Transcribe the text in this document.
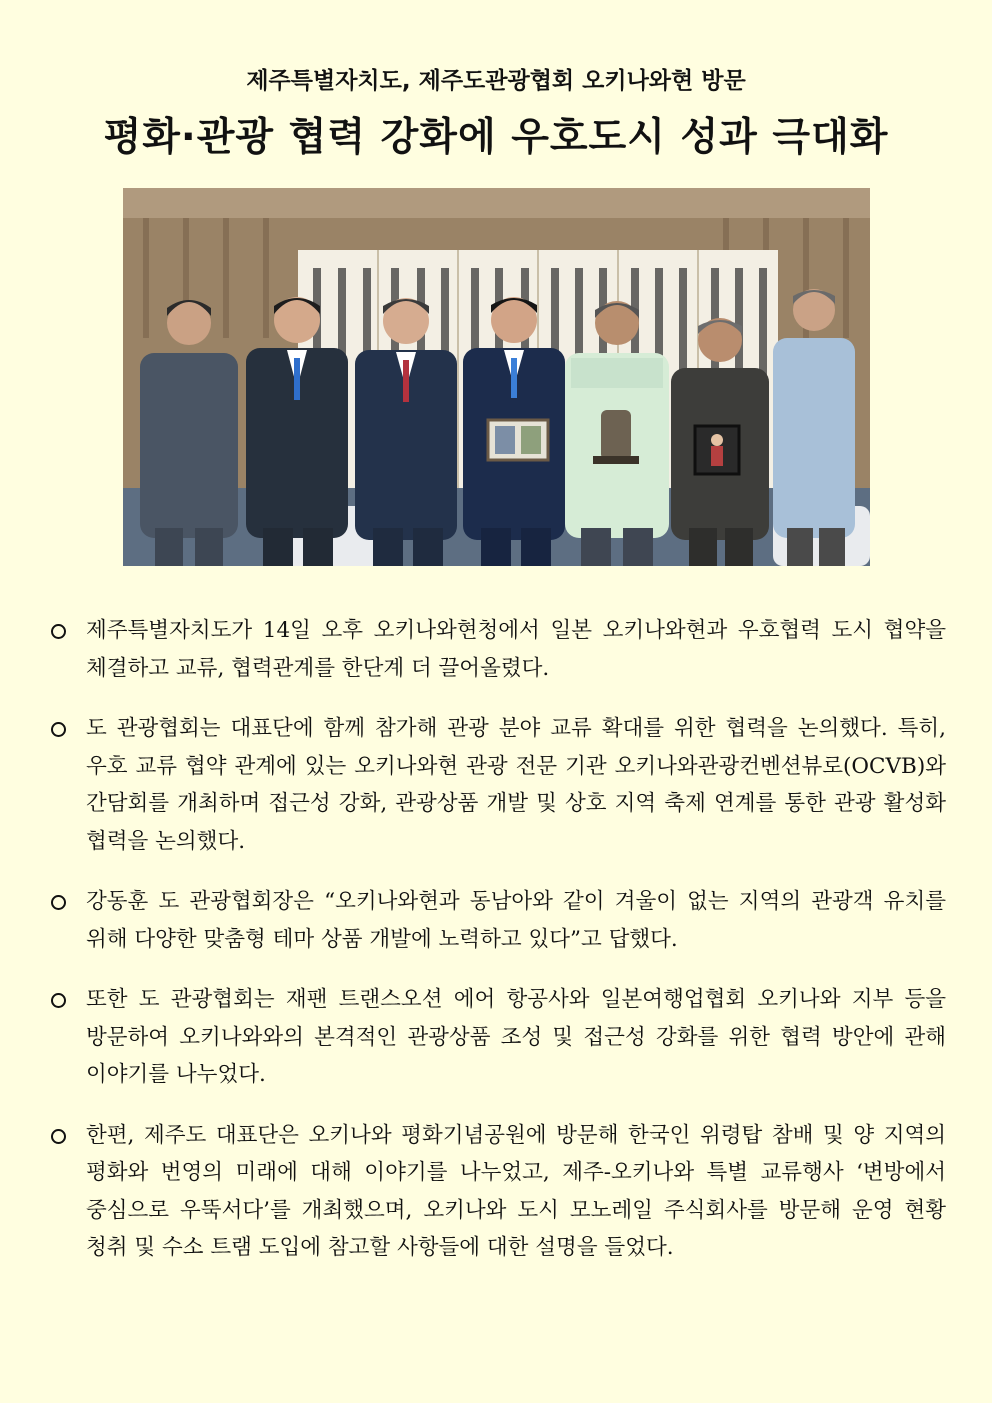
제주특별자치도, 제주도관광협회 오키나와현 방문
평화·관광 협력 강화에 우호도시 성과 극대화
제주특별자치도가 14일 오후 오키나와현청에서 일본 오키나와현과 우호협력 도시 협약을 체결하고 교류, 협력관계를 한단계 더 끌어올렸다.
도 관광협회는 대표단에 함께 참가해 관광 분야 교류 확대를 위한 협력을 논의했다. 특히, 우호 교류 협약 관계에 있는 오키나와현 관광 전문 기관 오키나와관광컨벤션뷰로(OCVB)와 간담회를 개최하며 접근성 강화, 관광상품 개발 및 상호 지역 축제 연계를 통한 관광 활성화 협력을 논의했다.
강동훈 도 관광협회장은 “오키나와현과 동남아와 같이 겨울이 없는 지역의 관광객 유치를 위해 다양한 맞춤형 테마 상품 개발에 노력하고 있다”고 답했다.
또한 도 관광협회는 재팬 트랜스오션 에어 항공사와 일본여행업협회 오키나와 지부 등을 방문하여 오키나와와의 본격적인 관광상품 조성 및 접근성 강화를 위한 협력 방안에 관해 이야기를 나누었다.
한편, 제주도 대표단은 오키나와 평화기념공원에 방문해 한국인 위령탑 참배 및 양 지역의 평화와 번영의 미래에 대해 이야기를 나누었고, 제주-오키나와 특별 교류행사 ‘변방에서 중심으로 우뚝서다’를 개최했으며, 오키나와 도시 모노레일 주식회사를 방문해 운영 현황 청취 및 수소 트램 도입에 참고할 사항들에 대한 설명을 들었다.
